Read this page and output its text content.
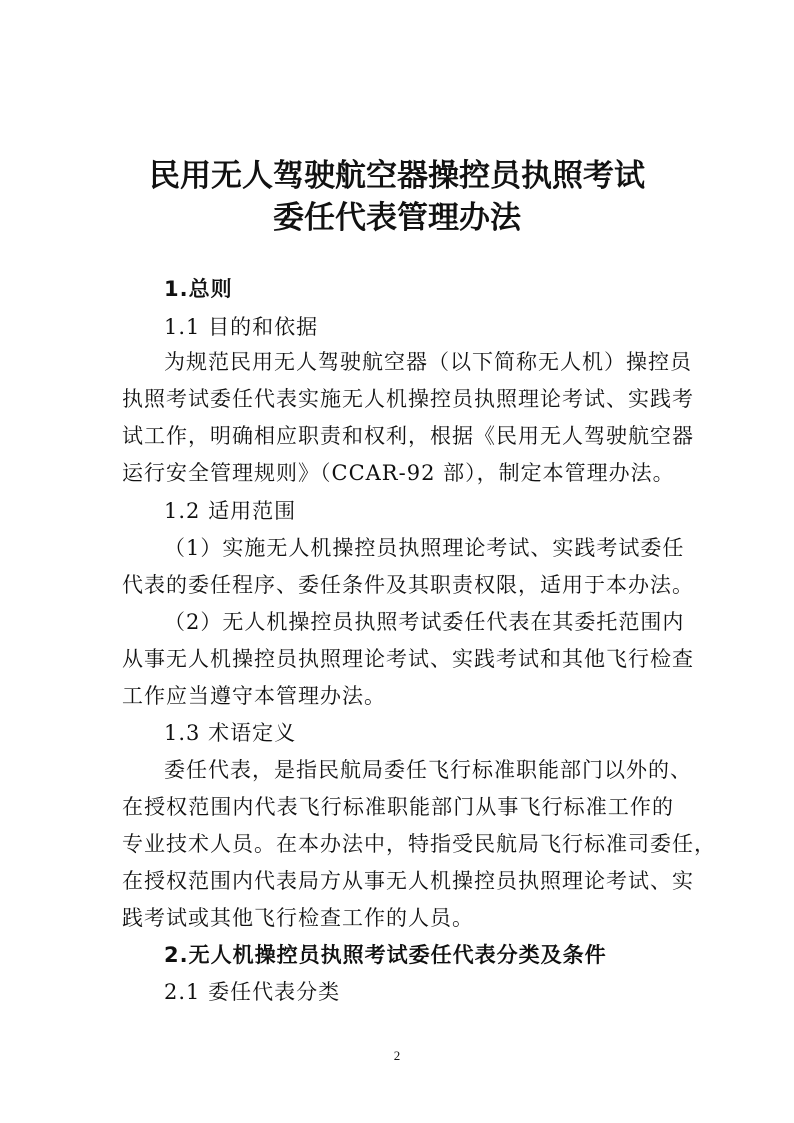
民用无人驾驶航空器操控员执照考试
委任代表管理办法
1.总则
1.1 目的和依据
为规范民用无人驾驶航空器（以下简称无人机）操控员
执照考试委任代表实施无人机操控员执照理论考试、实践考
试工作，明确相应职责和权利，根据《民用无人驾驶航空器
运行安全管理规则》（CCAR-92 部），制定本管理办法。
1.2 适用范围
（1）实施无人机操控员执照理论考试、实践考试委任
代表的委任程序、委任条件及其职责权限，适用于本办法。
（2）无人机操控员执照考试委任代表在其委托范围内
从事无人机操控员执照理论考试、实践考试和其他飞行检查
工作应当遵守本管理办法。
1.3 术语定义
委任代表，是指民航局委任飞行标准职能部门以外的、
在授权范围内代表飞行标准职能部门从事飞行标准工作的
专业技术人员。在本办法中，特指受民航局飞行标准司委任，
在授权范围内代表局方从事无人机操控员执照理论考试、实
践考试或其他飞行检查工作的人员。
2.无人机操控员执照考试委任代表分类及条件
2.1 委任代表分类
2
